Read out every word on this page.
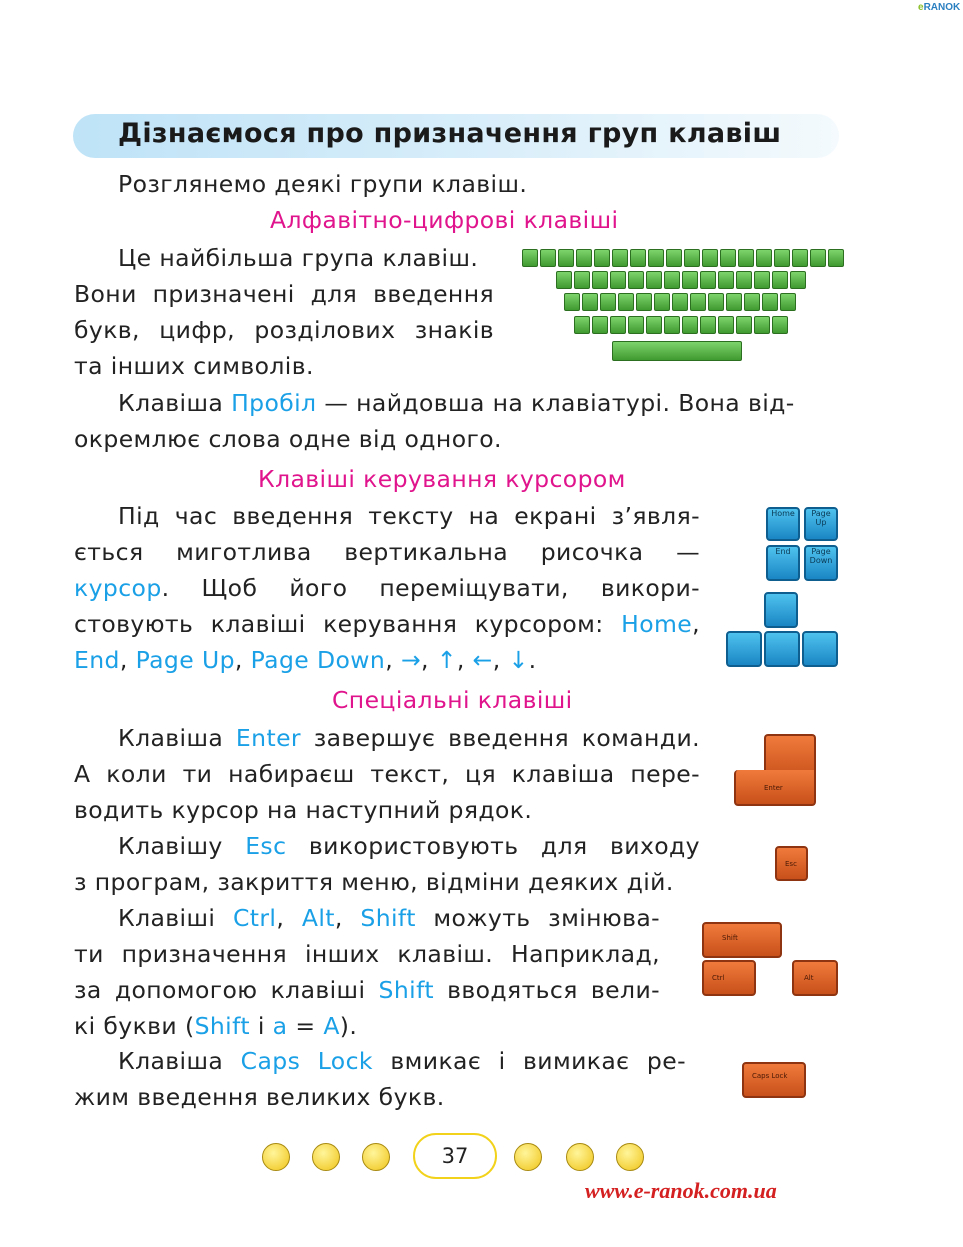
eRANOK
Дізнаємося про призначення груп клавіш
Розглянемо деякі групи клавіш.
Алфавітно-цифрові клавіші
Це найбільша група клавіш.
Вони призначені для введення
букв, цифр, розділових знаків
та інших символів.
Клавіша Пробіл — найдовша на клавіатурі. Вона від-
окремлює слова одне від одного.
Клавіші керування курсором
Під час введення тексту на екрані з’явля-
ється миготлива вертикальна рисочка —
курсор. Щоб його переміщувати, викори-
стовують клавіші керування курсором: Home,
End, Page Up, Page Down, →, ↑, ←, ↓.
Home	Page Up
End	Page Down
Спеціальні клавіші
Клавіша Enter завершує введення команди.
А коли ти набираєш текст, ця клавіша пере-
водить курсор на наступний рядок.
Клавішу Esc використовують для виходу
з програм, закриття меню, відміни деяких дій.
Клавіші Ctrl, Alt, Shift можуть змінюва-
ти призначення інших клавіш. Наприклад,
за допомогою клавіші Shift вводяться вели-
кі букви (Shift і а = А).
Клавіша Caps Lock вмикає і вимикає ре-
жим введення великих букв.
Enter
Esc
Shift
Ctrl	Alt
Caps Lock
37
www.e-ranok.com.ua
